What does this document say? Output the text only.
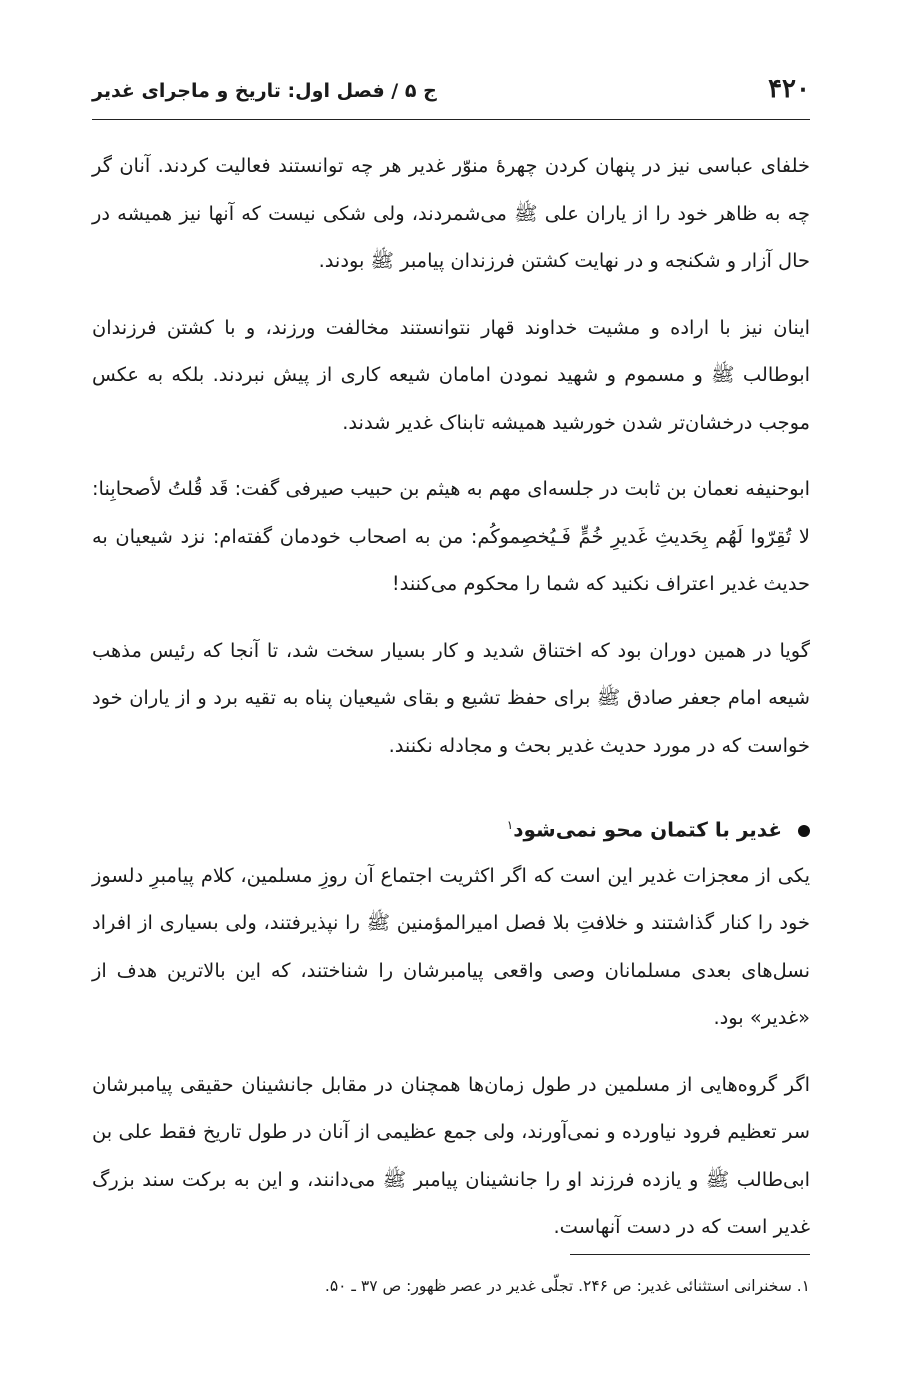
۴۲۰
ج ۵ / فصل اول: تاریخ و ماجرای غدیر

خلفای عباسی نیز در پنهان کردن چهرهٔ منوّر غدیر هر چه توانستند فعالیت کردند. آنان گر چه به ظاهر خود را از یاران علی ﷺ می‌شمردند، ولی شکی نیست که آنها نیز همیشه در حال آزار و شکنجه و در نهایت کشتن فرزندان پیامبر ﷺ بودند.

اینان نیز با اراده و مشیت خداوند قهار نتوانستند مخالفت ورزند، و با کشتن فرزندان ابوطالب ﷺ و مسموم و شهید نمودن امامان شیعه کاری از پیش نبردند. بلکه به عکس موجب درخشان‌تر شدن خورشید همیشه تابناک غدیر شدند.

ابوحنیفه نعمان بن ثابت در جلسه‌ای مهم به هیثم بن حبیب صیرفی گفت: قَد قُلتُ لأصحابِنا: لا تُقِرّوا لَهُم بِحَديثِ غَديرِ خُمٍّ فَـيُخصِموكُم: من به اصحاب خودمان گفته‌ام: نزد شیعیان به حدیث غدیر اعتراف نکنید که شما را محکوم می‌کنند!

گویا در همین دوران بود که اختناق شدید و کار بسیار سخت شد، تا آنجا که رئیس مذهب شیعه امام جعفر صادق ﷺ برای حفظ تشیع و بقای شیعیان پناه به تقیه برد و از یاران خود خواست که در مورد حدیث غدیر بحث و مجادله نکنند.

غدیر با کتمان محو نمی‌شود$^۱$

یکی از معجزات غدیر این است که اگر اکثریت اجتماع آن روزِ مسلمین، کلام پیامبرِ دلسوز خود را کنار گذاشتند و خلافتِ بلا فصل امیرالمؤمنین ﷺ را نپذیرفتند، ولی بسیاری از افراد نسل‌های بعدی مسلمانان وصی واقعی پیامبرشان را شناختند، که این بالاترین هدف از «غدیر» بود.

اگر گروه‌هایی از مسلمین در طول زمان‌ها همچنان در مقابل جانشینان حقیقی پیامبرشان سر تعظیم فرود نیاورده و نمی‌آورند، ولی جمع عظیمی از آنان در طول تاریخ فقط علی بن ابی‌طالب ﷺ و یازده فرزند او را جانشینان پیامبر ﷺ می‌دانند، و این به برکت سند بزرگ غدیر است که در دست آنهاست.

۱. سخنرانی استثنائی غدیر: ص ۲۴۶. تجلّی غدیر در عصر ظهور: ص ۳۷ ـ ۵۰.
